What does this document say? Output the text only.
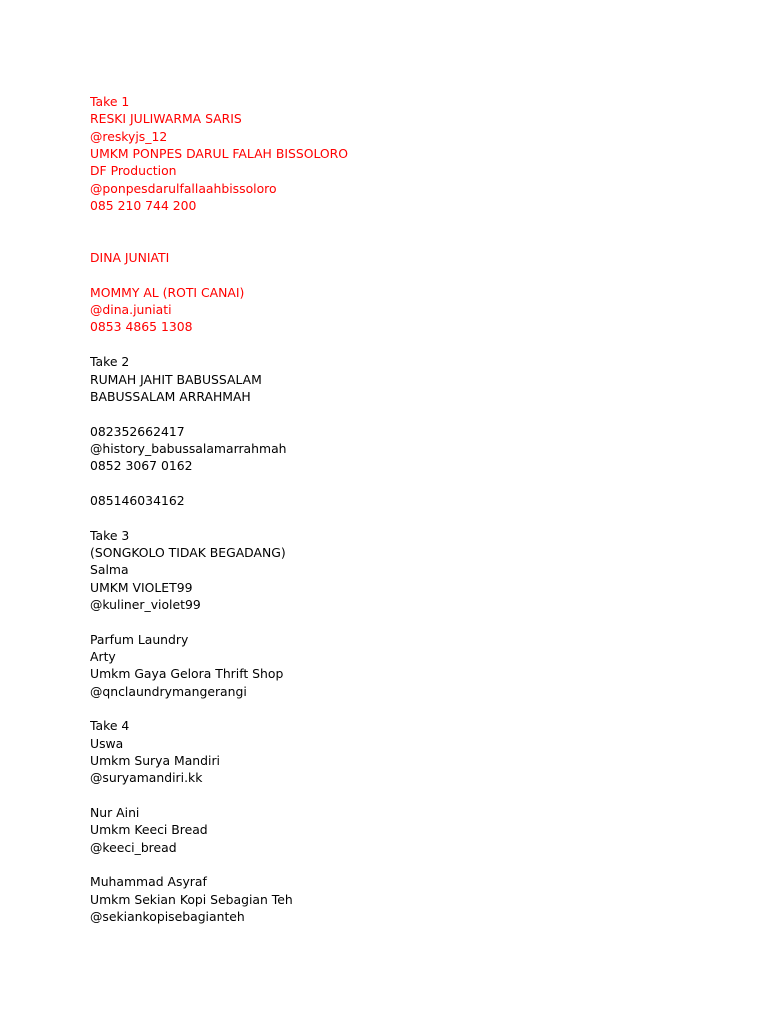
Take 1
RESKI JULIWARMA SARIS
@reskyjs_12
UMKM PONPES DARUL FALAH BISSOLORO
DF Production
@ponpesdarulfallaahbissoloro
085 210 744 200
DINA JUNIATI
MOMMY AL (ROTI CANAI)
@dina.juniati
0853 4865 1308
Take 2
RUMAH JAHIT BABUSSALAM
BABUSSALAM ARRAHMAH
082352662417
@history_babussalamarrahmah
0852 3067 0162
085146034162
Take 3
(SONGKOLO TIDAK BEGADANG)
Salma
UMKM VIOLET99
@kuliner_violet99
Parfum Laundry
Arty
Umkm Gaya Gelora Thrift Shop
@qnclaundrymangerangi
Take 4
Uswa
Umkm Surya Mandiri
@suryamandiri.kk
Nur Aini
Umkm Keeci Bread
@keeci_bread
Muhammad Asyraf
Umkm Sekian Kopi Sebagian Teh
@sekiankopisebagianteh
